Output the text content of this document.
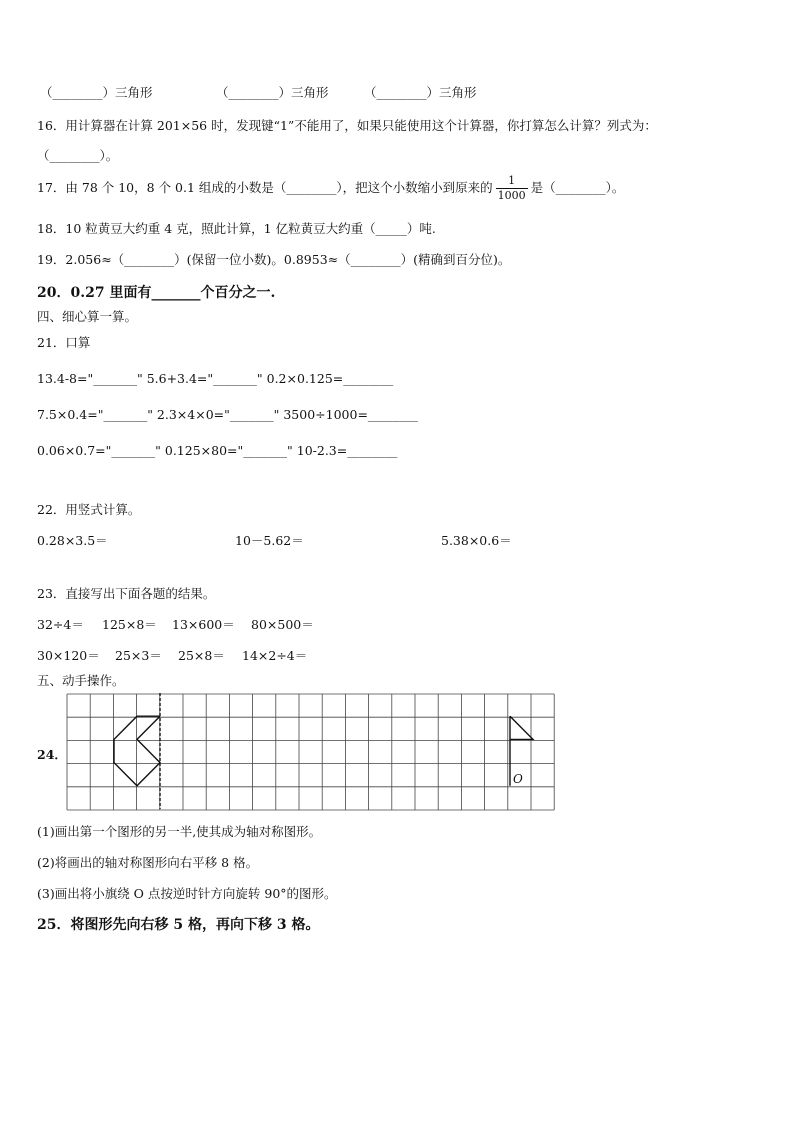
（________）三角形	（________）三角形	（________）三角形
16．用计算器在计算 201×56 时，发现键“1”不能用了，如果只能使用这个计算器，你打算怎么计算？列式为：
（________）。
17．由 78 个 10，8 个 0.1 组成的小数是（________），把这个小数缩小到原来的 $\frac{1}{1000}$ 是（________）。
18．10 粒黄豆大约重 4 克，照此计算，1 亿粒黄豆大约重（_____）吨.
19．2.056≈（________）(保留一位小数)。0.8953≈（________）(精确到百分位)。
20．0.27 里面有_______个百分之一.
四、细心算一算。
21．口算
13.4-8="_______" 5.6+3.4="_______" 0.2×0.125=________
7.5×0.4="_______" 2.3×4×0="_______" 3500÷1000=________
0.06×0.7="_______" 0.125×80="_______" 10-2.3=________
22．用竖式计算。
0.28×3.5＝	10－5.62＝	5.38×0.6＝
23．直接写出下面各题的结果。
32÷4＝ 125×8＝ 13×600＝ 80×500＝
30×120＝ 25×3＝ 25×8＝ 14×2÷4＝
五、动手操作。
24．
O
(1)画出第一个图形的另一半,使其成为轴对称图形。
(2)将画出的轴对称图形向右平移 8 格。
(3)画出将小旗绕 O 点按逆时针方向旋转 90°的图形。
25．将图形先向右移 5 格，再向下移 3 格。
